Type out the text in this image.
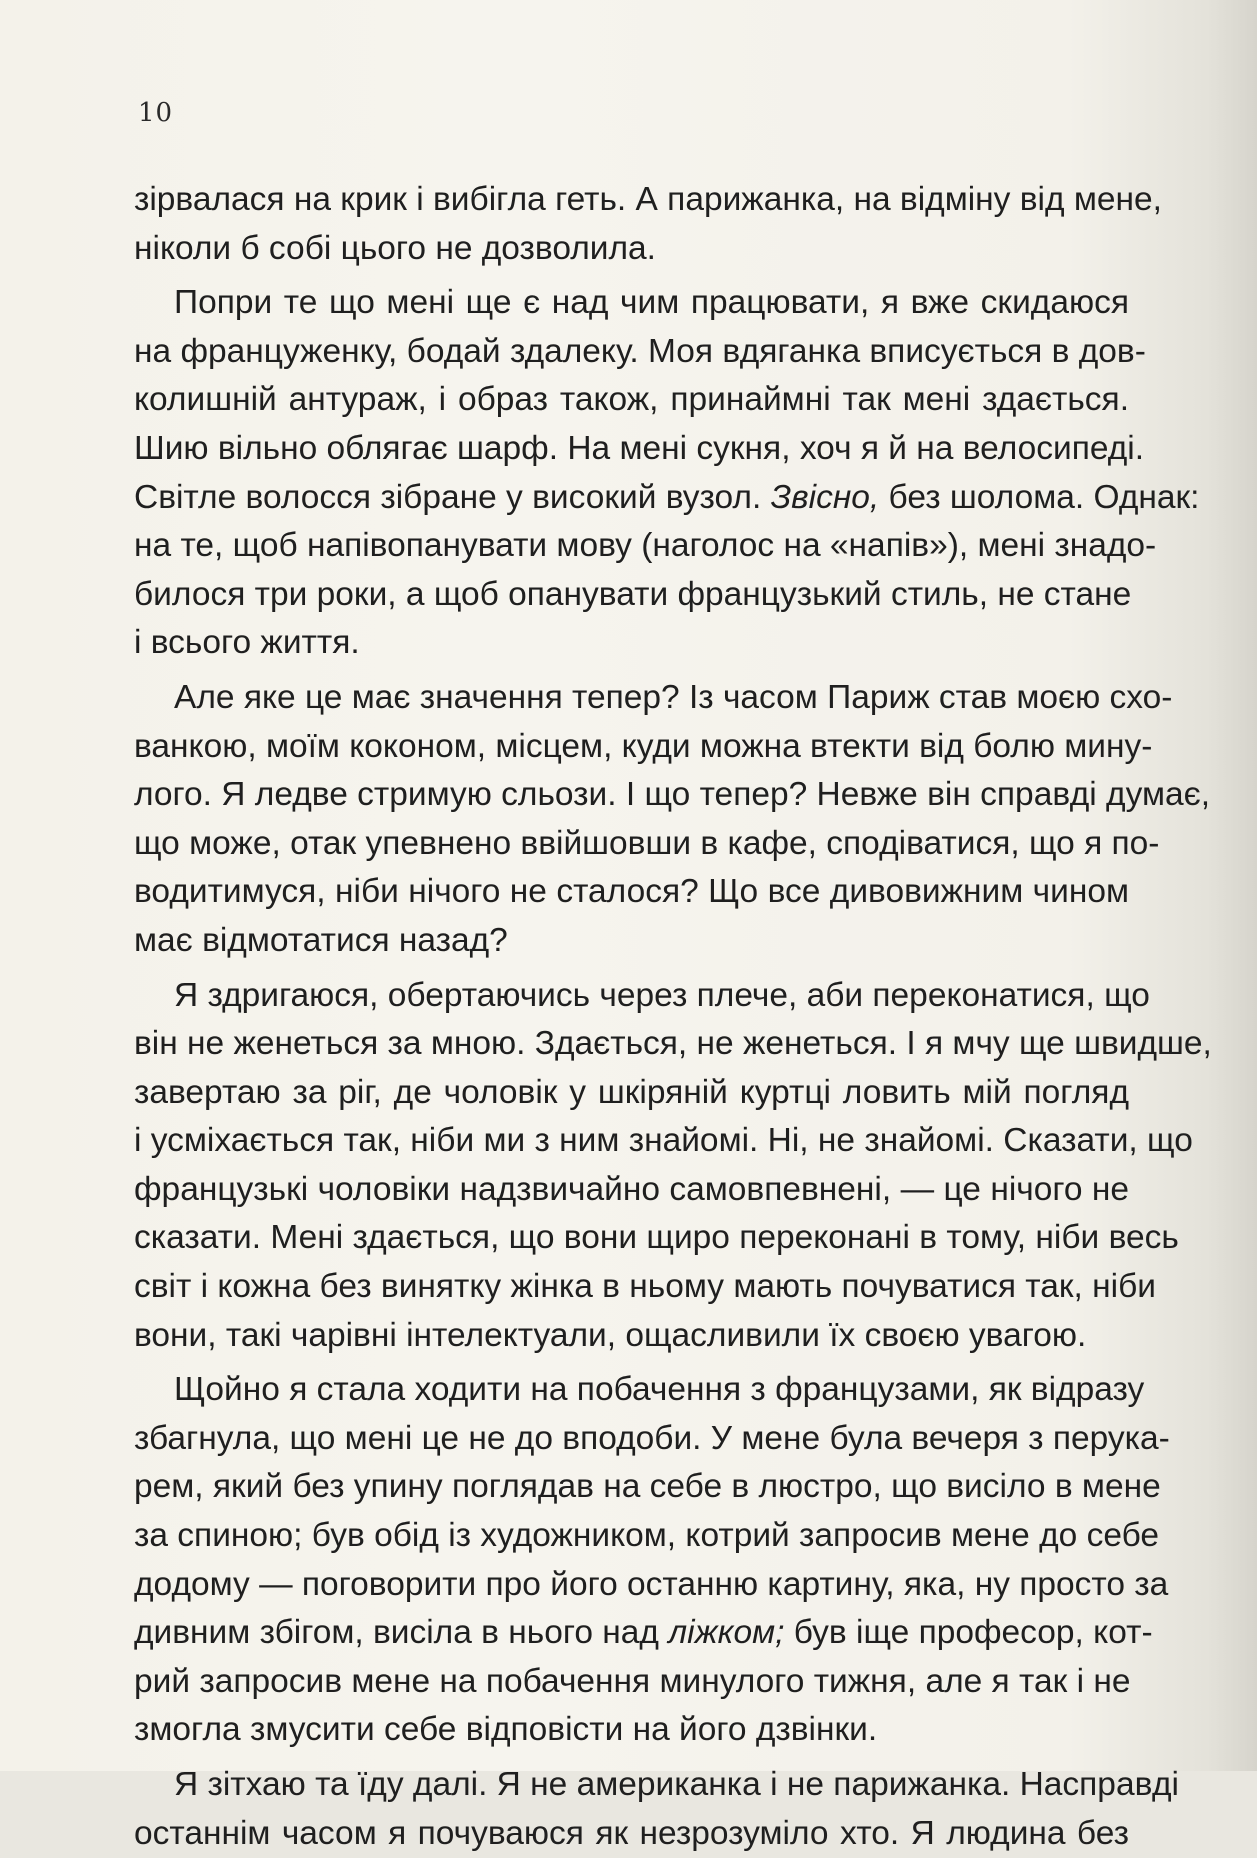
10
зірвалася на крик і вибігла геть. А парижанка, на відміну від мене,
ніколи б собі цього не дозволила.
Попри те що мені ще є над чим працювати, я вже скидаюся
на француженку, бодай здалеку. Моя вдяганка вписується в дов-
колишній антураж, і образ також, принаймні так мені здається.
Шию вільно облягає шарф. На мені сукня, хоч я й на велосипеді.
Світле волосся зібране у високий вузол. Звісно, без шолома. Однак:
на те, щоб напівопанувати мову (наголос на «напів»), мені знадо-
билося три роки, а щоб опанувати французький стиль, не стане
і всього життя.
Але яке це має значення тепер? Із часом Париж став моєю схо-
ванкою, моїм коконом, місцем, куди можна втекти від болю мину-
лого. Я ледве стримую сльози. І що тепер? Невже він справді думає,
що може, отак упевнено ввійшовши в кафе, сподіватися, що я по-
водитимуся, ніби нічого не сталося? Що все дивовижним чином
має відмотатися назад?
Я здригаюся, обертаючись через плече, аби переконатися, що
він не женеться за мною. Здається, не женеться. І я мчу ще швидше,
завертаю за ріг, де чоловік у шкіряній куртці ловить мій погляд
і усміхається так, ніби ми з ним знайомі. Ні, не знайомі. Сказати, що
французькі чоловіки надзвичайно самовпевнені, — це нічого не
сказати. Мені здається, що вони щиро переконані в тому, ніби весь
світ і кожна без винятку жінка в ньому мають почуватися так, ніби
вони, такі чарівні інтелектуали, ощасливили їх своєю увагою.
Щойно я стала ходити на побачення з французами, як відразу
збагнула, що мені це не до вподоби. У мене була вечеря з перука-
рем, який без упину поглядав на себе в люстро, що висіло в мене
за спиною; був обід із художником, котрий запросив мене до себе
додому — поговорити про його останню картину, яка, ну просто за
дивним збігом, висіла в нього над ліжком; був іще професор, кот-
рий запросив мене на побачення минулого тижня, але я так і не
змогла змусити себе відповісти на його дзвінки.
Я зітхаю та їду далі. Я не американка і не парижанка. Насправді
останнім часом я почуваюся як незрозуміло хто. Я людина без
